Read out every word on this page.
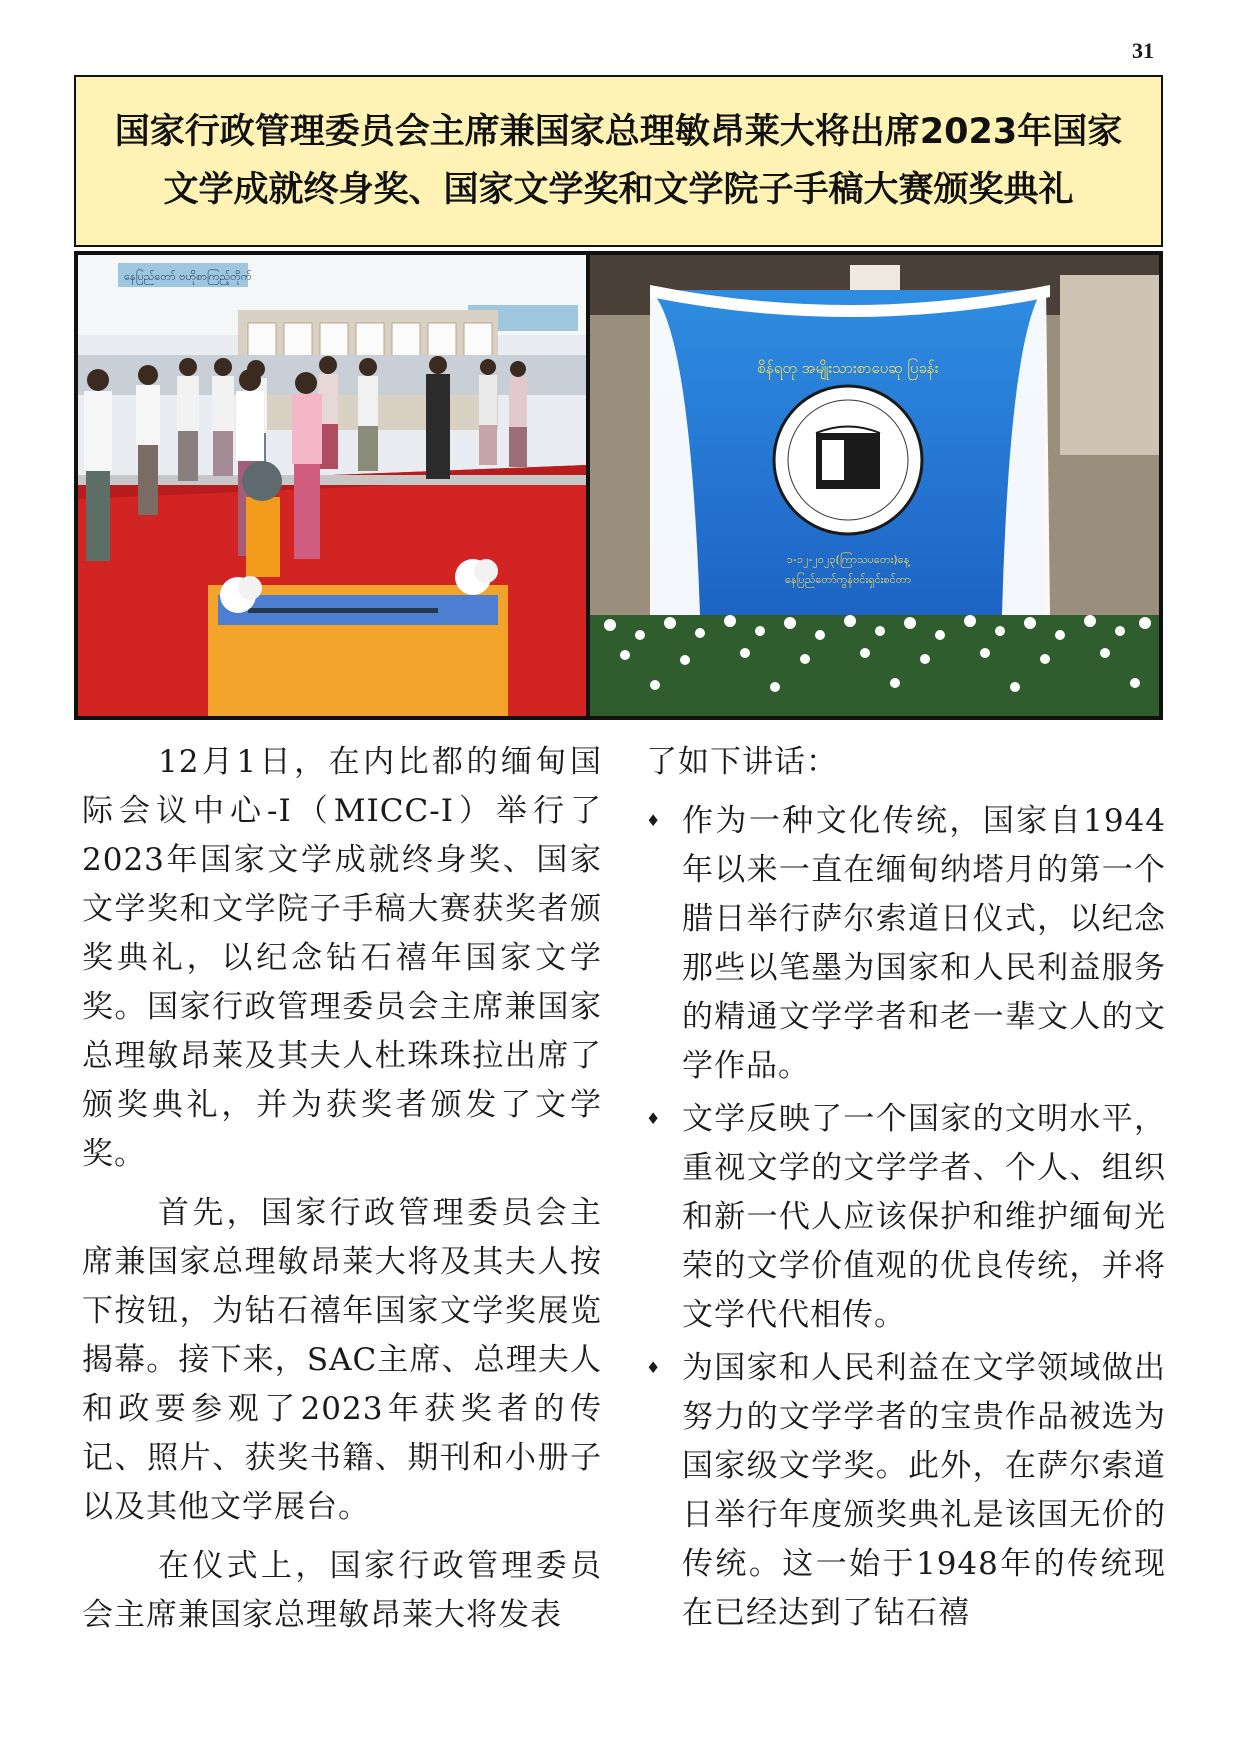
31
国家行政管理委员会主席兼国家总理敏昂莱大将出席2023年国家
文学成就终身奖、国家文学奖和文学院子手稿大赛颁奖典礼
နေပြည်တော် ဗဟိုစာကြည့်တိုက်
စိန်ရတု အမျိုးသားစာပေဆု ပြခန်း
၁-၁၂-၂၀၂၃(ကြာသပတေး)နေ့
နေပြည်တော်ကွန်ဗင်းရှင်းစင်တာ

12月1日，在内比都的缅甸国际会议中心-I（MICC-I）举行了2023年国家文学成就终身奖、国家文学奖和文学院子手稿大赛获奖者颁奖典礼，以纪念钻石禧年国家文学奖。国家行政管理委员会主席兼国家总理敏昂莱及其夫人杜珠珠拉出席了颁奖典礼，并为获奖者颁发了文学奖。

首先，国家行政管理委员会主席兼国家总理敏昂莱大将及其夫人按下按钮，为钻石禧年国家文学奖展览揭幕。接下来，SAC主席、总理夫人和政要参观了2023年获奖者的传记、照片、获奖书籍、期刊和小册子以及其他文学展台。

在仪式上，国家行政管理委员会主席兼国家总理敏昂莱大将发表

了如下讲话：

♦ 作为一种文化传统，国家自1944年以来一直在缅甸纳塔月的第一个腊日举行萨尔索道日仪式，以纪念那些以笔墨为国家和人民利益服务的精通文学学者和老一辈文人的文学作品。
♦ 文学反映了一个国家的文明水平，重视文学的文学学者、个人、组织和新一代人应该保护和维护缅甸光荣的文学价值观的优良传统，并将文学代代相传。
♦ 为国家和人民利益在文学领域做出努力的文学学者的宝贵作品被选为国家级文学奖。此外，在萨尔索道日举行年度颁奖典礼是该国无价的传统。这一始于1948年的传统现在已经达到了钻石禧
